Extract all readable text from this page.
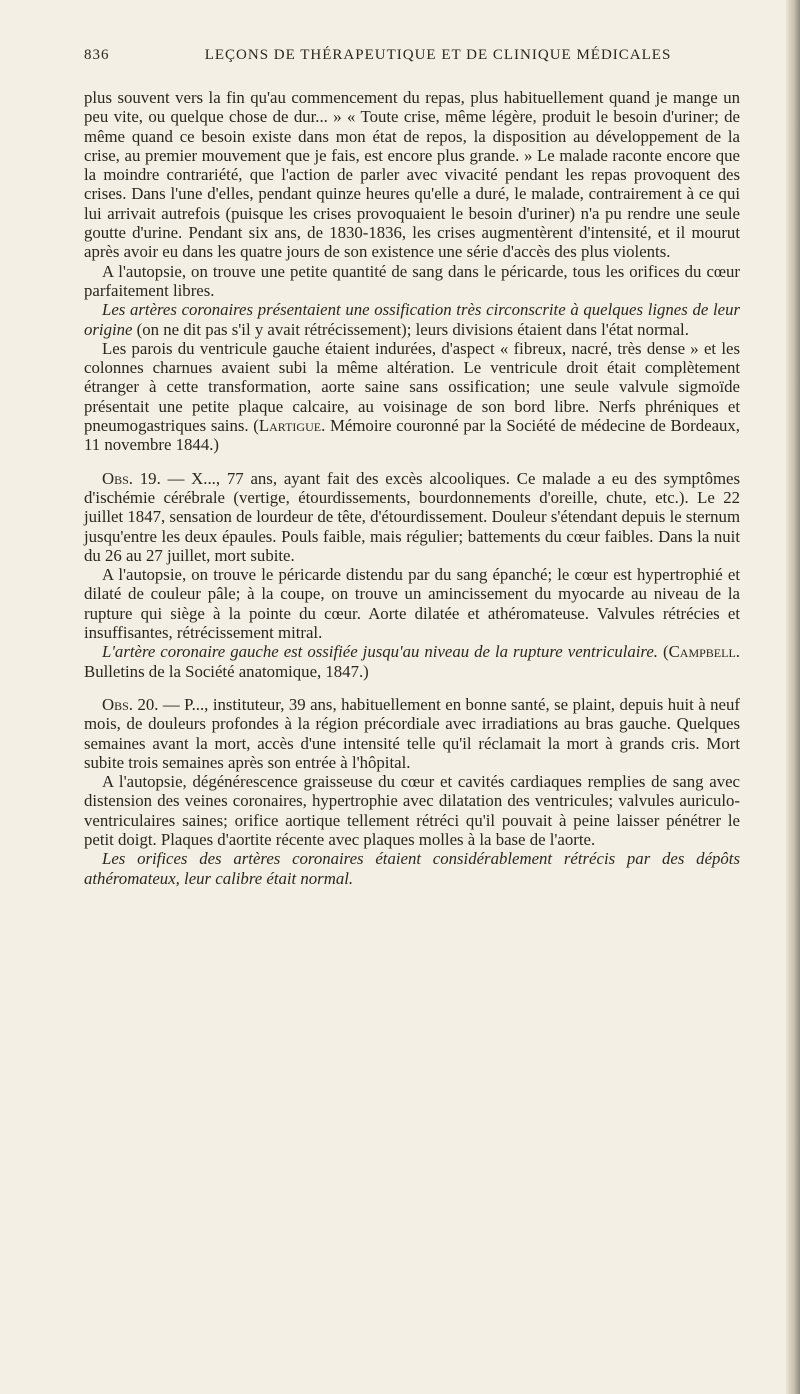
836	LEÇONS DE THÉRAPEUTIQUE ET DE CLINIQUE MÉDICALES

plus souvent vers la fin qu'au commencement du repas, plus habituellement quand je mange un peu vite, ou quelque chose de dur... » « Toute crise, même légère, produit le besoin d'uriner; de même quand ce besoin existe dans mon état de repos, la disposition au développement de la crise, au premier mouvement que je fais, est encore plus grande. » Le malade raconte encore que la moindre contrariété, que l'action de parler avec vivacité pendant les repas provoquent des crises. Dans l'une d'elles, pendant quinze heures qu'elle a duré, le malade, contrairement à ce qui lui arrivait autrefois (puisque les crises provoquaient le besoin d'uriner) n'a pu rendre une seule goutte d'urine. Pendant six ans, de 1830-1836, les crises augmentèrent d'intensité, et il mourut après avoir eu dans les quatre jours de son existence une série d'accès des plus violents.

A l'autopsie, on trouve une petite quantité de sang dans le péricarde, tous les orifices du cœur parfaitement libres.

Les artères coronaires présentaient une ossification très circonscrite à quelques lignes de leur origine (on ne dit pas s'il y avait rétrécissement); leurs divisions étaient dans l'état normal.

Les parois du ventricule gauche étaient indurées, d'aspect « fibreux, nacré, très dense » et les colonnes charnues avaient subi la même altération. Le ventricule droit était complètement étranger à cette transformation, aorte saine sans ossification; une seule valvule sigmoïde présentait une petite plaque calcaire, au voisinage de son bord libre. Nerfs phréniques et pneumogastriques sains. (Lartigue. Mémoire couronné par la Société de médecine de Bordeaux, 11 novembre 1844.)

Obs. 19. — X..., 77 ans, ayant fait des excès alcooliques. Ce malade a eu des symptômes d'ischémie cérébrale (vertige, étourdissements, bourdonnements d'oreille, chute, etc.). Le 22 juillet 1847, sensation de lourdeur de tête, d'étourdissement. Douleur s'étendant depuis le sternum jusqu'entre les deux épaules. Pouls faible, mais régulier; battements du cœur faibles. Dans la nuit du 26 au 27 juillet, mort subite.

A l'autopsie, on trouve le péricarde distendu par du sang épanché; le cœur est hypertrophié et dilaté de couleur pâle; à la coupe, on trouve un amincissement du myocarde au niveau de la rupture qui siège à la pointe du cœur. Aorte dilatée et athéromateuse. Valvules rétrécies et insuffisantes, rétrécissement mitral.

L'artère coronaire gauche est ossifiée jusqu'au niveau de la rupture ventriculaire. (Campbell. Bulletins de la Société anatomique, 1847.)

Obs. 20. — P..., instituteur, 39 ans, habituellement en bonne santé, se plaint, depuis huit à neuf mois, de douleurs profondes à la région précordiale avec irradiations au bras gauche. Quelques semaines avant la mort, accès d'une intensité telle qu'il réclamait la mort à grands cris. Mort subite trois semaines après son entrée à l'hôpital.

A l'autopsie, dégénérescence graisseuse du cœur et cavités cardiaques remplies de sang avec distension des veines coronaires, hypertrophie avec dilatation des ventricules; valvules auriculo-ventriculaires saines; orifice aortique tellement rétréci qu'il pouvait à peine laisser pénétrer le petit doigt. Plaques d'aortite récente avec plaques molles à la base de l'aorte.

Les orifices des artères coronaires étaient considérablement rétrécis par des dépôts athéromateux, leur calibre était normal.
